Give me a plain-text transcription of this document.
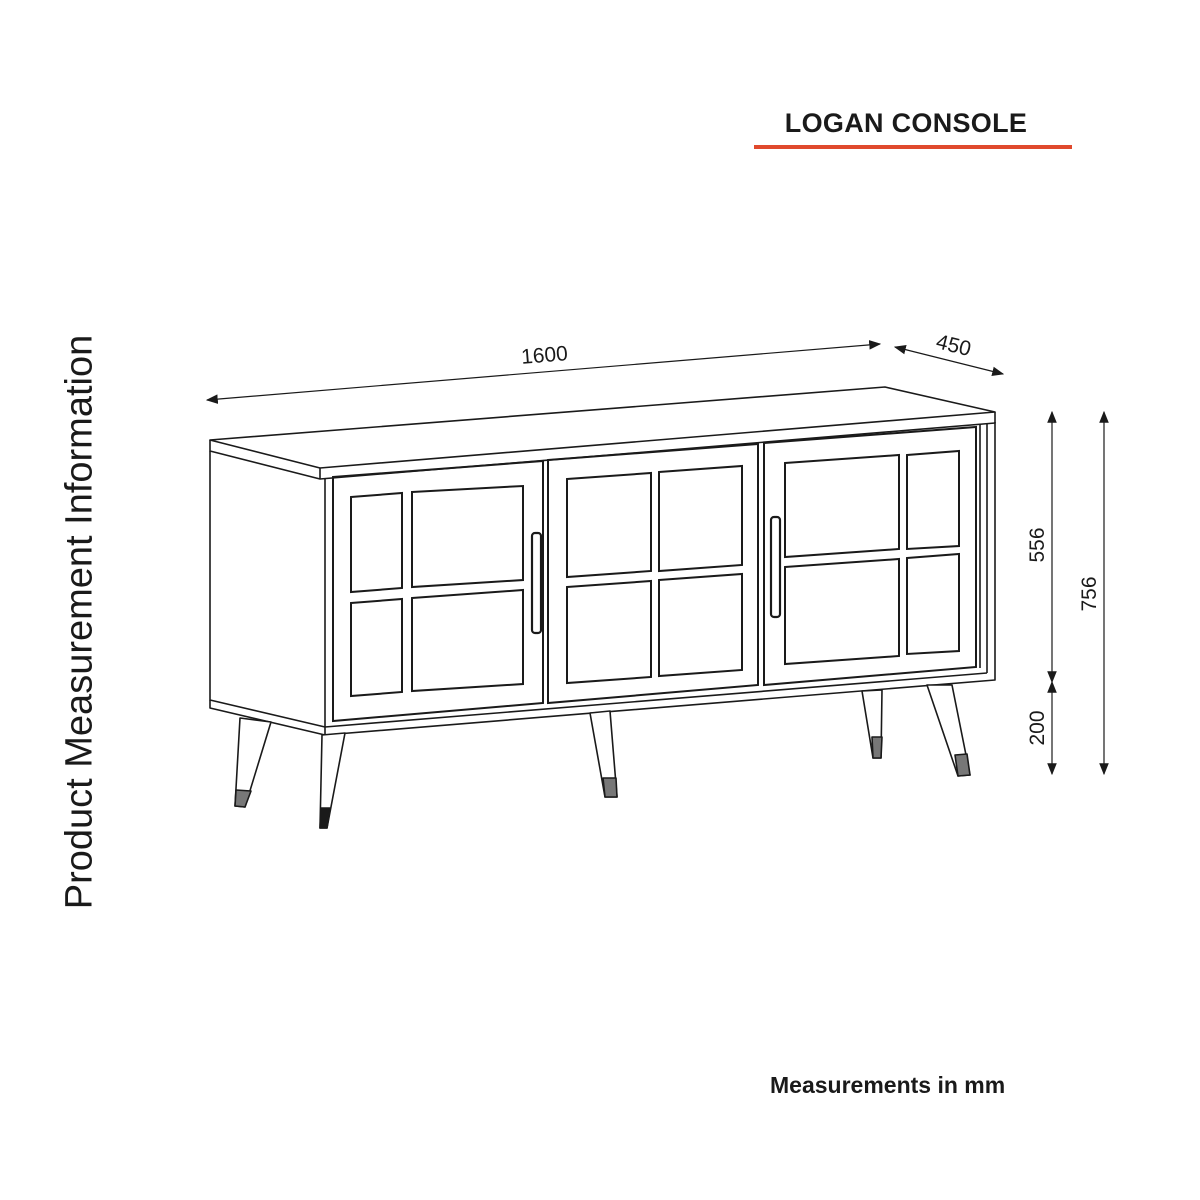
LOGAN CONSOLE
Product Measurement Information
Measurements in mm
1600	450
556
200
756
